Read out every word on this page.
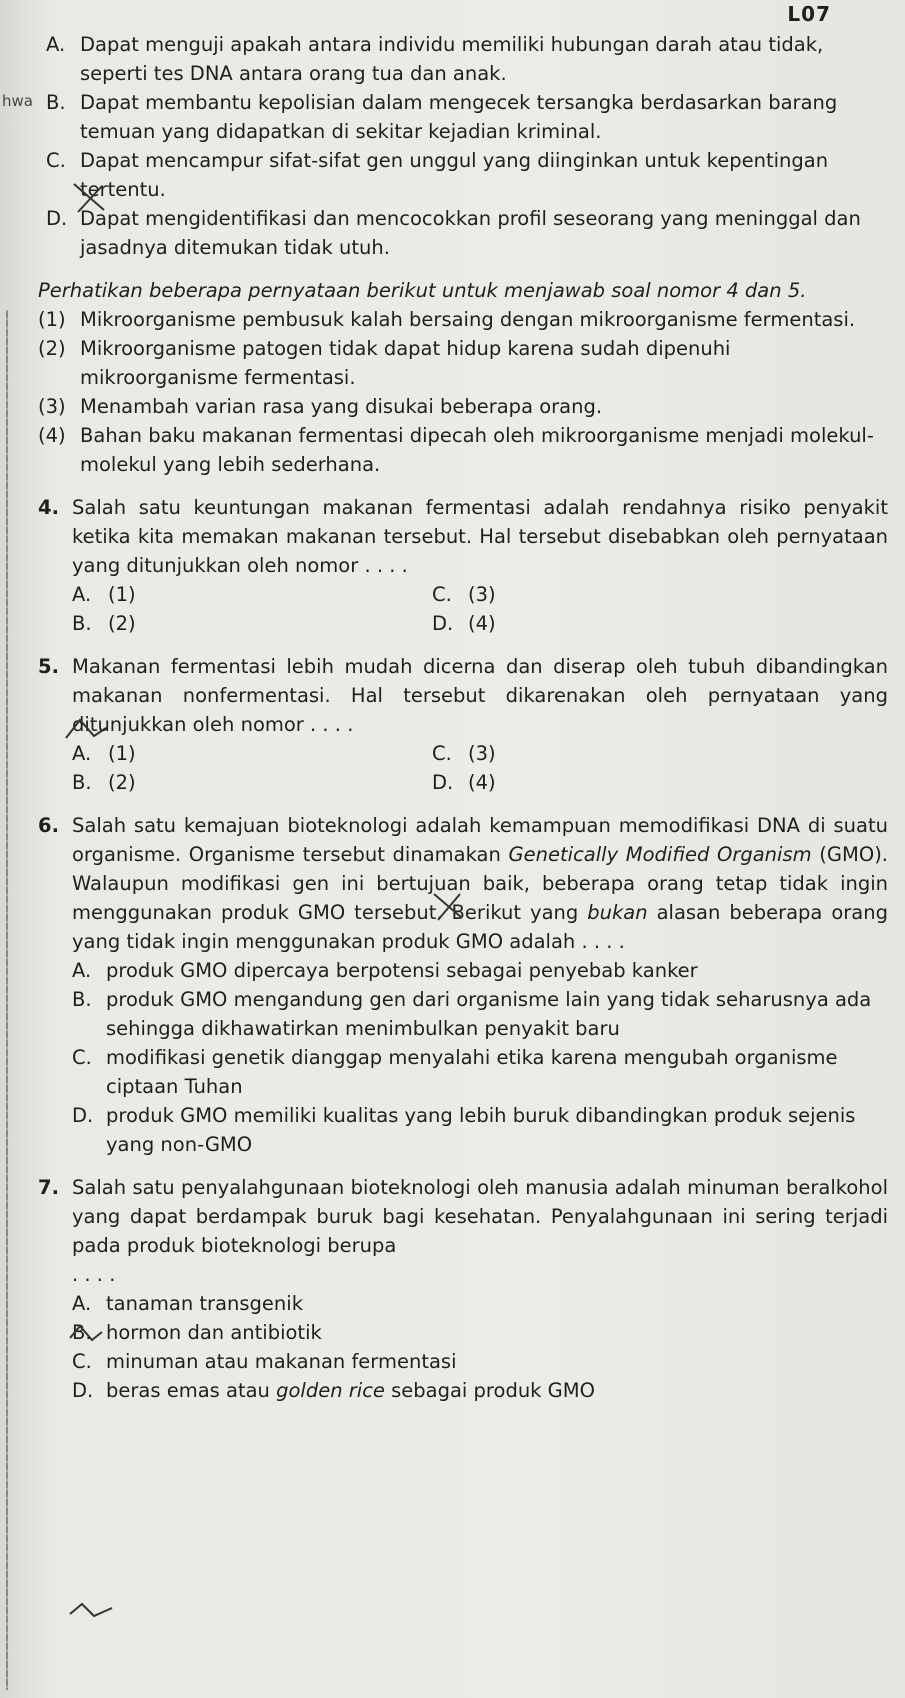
L07
hwa
A. Dapat menguji apakah antara individu memiliki hubungan darah atau tidak, seperti tes DNA antara orang tua dan anak.
B. Dapat membantu kepolisian dalam mengecek tersangka berdasarkan barang temuan yang didapatkan di sekitar kejadian kriminal.
C. Dapat mencampur sifat-sifat gen unggul yang diinginkan untuk kepentingan tertentu.
D. Dapat mengidentifikasi dan mencocokkan profil seseorang yang meninggal dan jasadnya ditemukan tidak utuh.

Perhatikan beberapa pernyataan berikut untuk menjawab soal nomor 4 dan 5.

(1) Mikroorganisme pembusuk kalah bersaing dengan mikroorganisme fermentasi.
(2) Mikroorganisme patogen tidak dapat hidup karena sudah dipenuhi mikroorganisme fermentasi.
(3) Menambah varian rasa yang disukai beberapa orang.
(4) Bahan baku makanan fermentasi dipecah oleh mikroorganisme menjadi molekul-molekul yang lebih sederhana.
4. Salah satu keuntungan makanan fermentasi adalah rendahnya risiko penyakit ketika kita memakan makanan tersebut. Hal tersebut disebabkan oleh pernyataan yang ditunjukkan oleh nomor . . . .
A. (1)	C. (3)
B. (2)	D. (4)
5. Makanan fermentasi lebih mudah dicerna dan diserap oleh tubuh dibandingkan makanan nonfermentasi. Hal tersebut dikarenakan oleh pernyataan yang ditunjukkan oleh nomor . . . .
A. (1)	C. (3)
B. (2)	D. (4)
6. Salah satu kemajuan bioteknologi adalah kemampuan memodifikasi DNA di suatu organisme. Organisme tersebut dinamakan Genetically Modified Organism (GMO). Walaupun modifikasi gen ini bertujuan baik, beberapa orang tetap tidak ingin menggunakan produk GMO tersebut. Berikut yang bukan alasan beberapa orang yang tidak ingin menggunakan produk GMO adalah . . . .
A. produk GMO dipercaya berpotensi sebagai penyebab kanker
B. produk GMO mengandung gen dari organisme lain yang tidak seharusnya ada sehingga dikhawatirkan menimbulkan penyakit baru
C. modifikasi genetik dianggap menyalahi etika karena mengubah organisme ciptaan Tuhan
D. produk GMO memiliki kualitas yang lebih buruk dibandingkan produk sejenis yang non-GMO
7. Salah satu penyalahgunaan bioteknologi oleh manusia adalah minuman beralkohol yang dapat berdampak buruk bagi kesehatan. Penyalahgunaan ini sering terjadi pada produk bioteknologi berupa
. . . .
A. tanaman transgenik
B. hormon dan antibiotik
C. minuman atau makanan fermentasi
D. beras emas atau golden rice sebagai produk GMO
